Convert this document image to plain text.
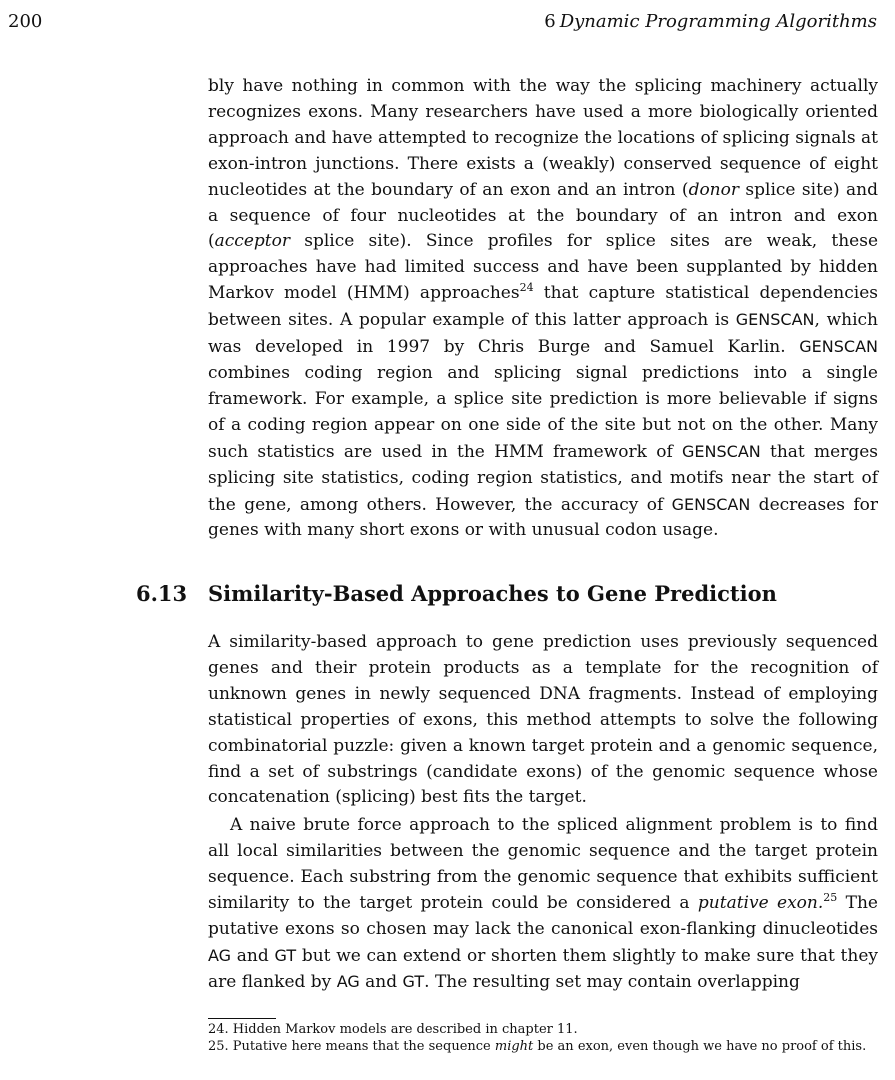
200	6 Dynamic Programming Algorithms

bly have nothing in common with the way the splicing machinery actually recognizes exons. Many researchers have used a more biologically oriented approach and have attempted to recognize the locations of splicing signals at exon-intron junctions. There exists a (weakly) conserved sequence of eight nucleotides at the boundary of an exon and an intron (donor splice site) and a sequence of four nucleotides at the boundary of an intron and exon (acceptor splice site). Since profiles for splice sites are weak, these approaches have had limited success and have been supplanted by hidden Markov model (HMM) approaches$^{24}$ that capture statistical dependencies between sites. A popular example of this latter approach is GENSCAN, which was developed in 1997 by Chris Burge and Samuel Karlin. GENSCAN combines coding region and splicing signal predictions into a single framework. For example, a splice site prediction is more believable if signs of a coding region appear on one side of the site but not on the other. Many such statistics are used in the HMM framework of GENSCAN that merges splicing site statistics, coding region statistics, and motifs near the start of the gene, among others. However, the accuracy of GENSCAN decreases for genes with many short exons or with unusual codon usage.

6.13 Similarity-Based Approaches to Gene Prediction

A similarity-based approach to gene prediction uses previously sequenced genes and their protein products as a template for the recognition of unknown genes in newly sequenced DNA fragments. Instead of employing statistical properties of exons, this method attempts to solve the following combinatorial puzzle: given a known target protein and a genomic sequence, find a set of substrings (candidate exons) of the genomic sequence whose concatenation (splicing) best fits the target.

A naive brute force approach to the spliced alignment problem is to find all local similarities between the genomic sequence and the target protein sequence. Each substring from the genomic sequence that exhibits sufficient similarity to the target protein could be considered a putative exon.$^{25}$ The putative exons so chosen may lack the canonical exon-flanking dinucleotides AG and GT but we can extend or shorten them slightly to make sure that they are flanked by AG and GT. The resulting set may contain overlapping

24. Hidden Markov models are described in chapter 11.

25. Putative here means that the sequence might be an exon, even though we have no proof of this.
